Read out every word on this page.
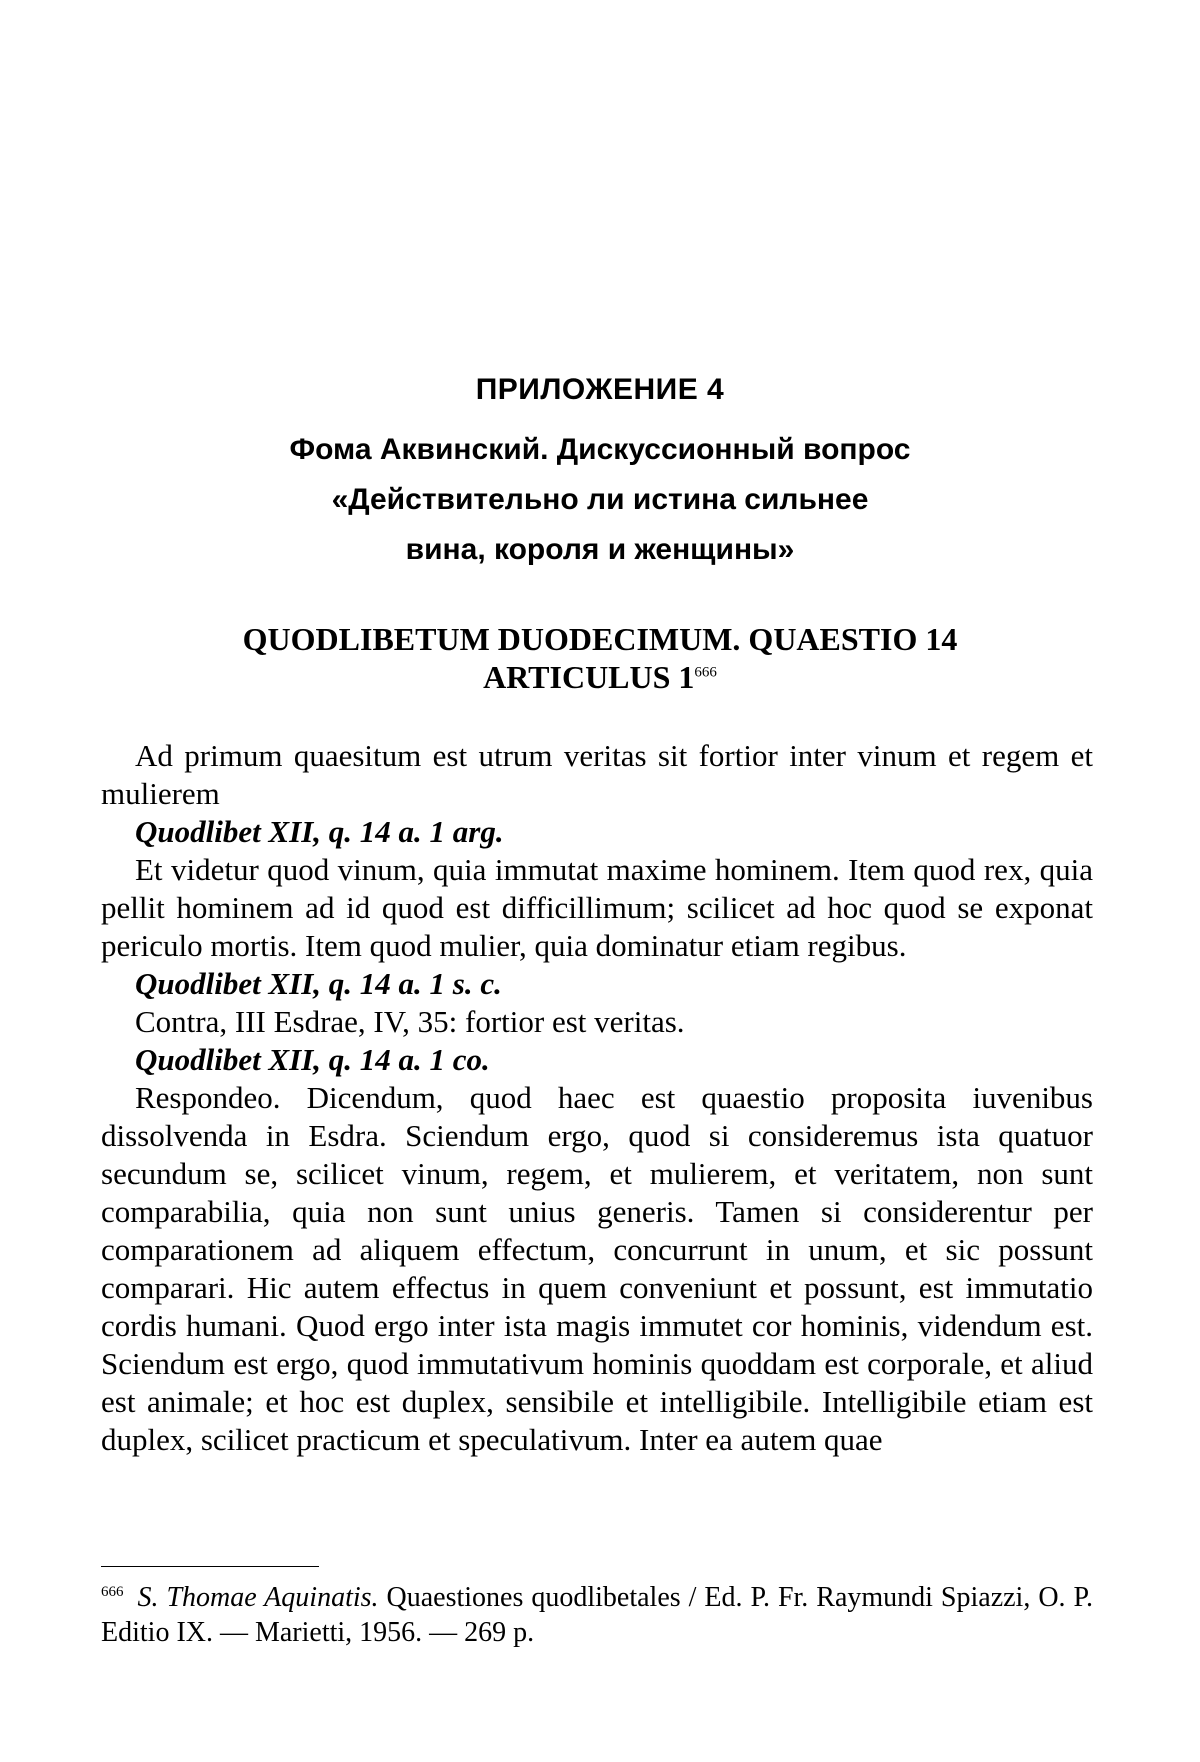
ПРИЛОЖЕНИЕ 4
Фома Аквинский. Дискуссионный вопрос
«Действительно ли истина сильнее
вина, короля и женщины»
QUODLIBETUM DUODECIMUM. QUAESTIO 14
ARTICULUS $1^{666}$

Ad primum quaesitum est utrum veritas sit fortior inter vinum et regem et mulierem

Quodlibet XII, q. 14 a. 1 arg.

Et videtur quod vinum, quia immutat maxime hominem. Item quod rex, quia pellit hominem ad id quod est difficillimum; scilicet ad hoc quod se exponat periculo mortis. Item quod mulier, quia dominatur etiam regibus.

Quodlibet XII, q. 14 a. 1 s. c.

Contra, III Esdrae, IV, 35: fortior est veritas.

Quodlibet XII, q. 14 a. 1 co.

Respondeo. Dicendum, quod haec est quaestio proposita iuvenibus dissolvenda in Esdra. Sciendum ergo, quod si consideremus ista quatuor secundum se, scilicet vinum, regem, et mulierem, et veritatem, non sunt comparabilia, quia non sunt unius generis. Tamen si considerentur per comparationem ad aliquem effectum, concurrunt in unum, et sic possunt comparari. Hic autem effectus in quem conveniunt et possunt, est immutatio cordis humani. Quod ergo inter ista magis immutet cor hominis, videndum est. Sciendum est ergo, quod immutativum hominis quoddam est corporale, et aliud est animale; et hoc est duplex, sensibile et intelligibile. Intelligibile etiam est duplex, scilicet practicum et speculativum. Inter ea autem quae

$^{666}$ S. Thomae Aquinatis. Quaestiones quodlibetales / Ed. P. Fr. Raymundi Spiazzi, O. P. Editio IX. — Marietti, 1956. — 269 p.
